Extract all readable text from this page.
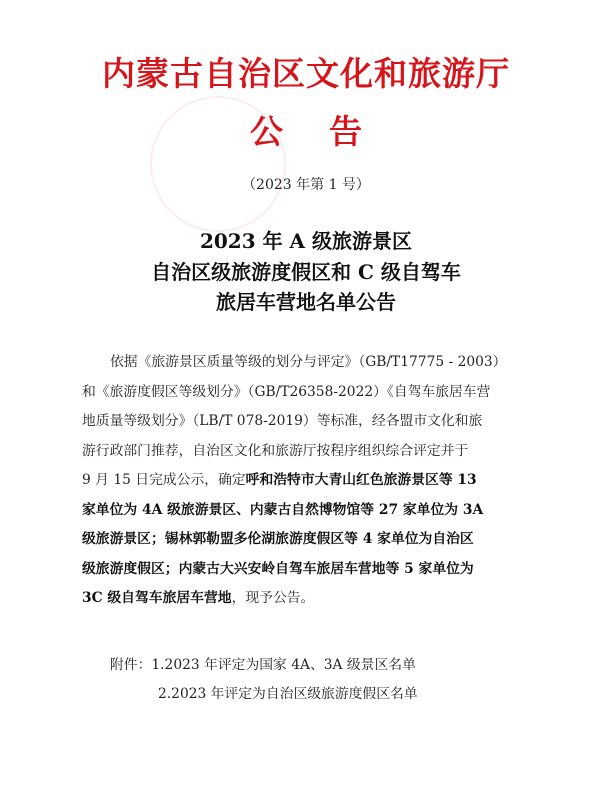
内蒙古自治区文化和旅游厅
公告
（2023 年第 1 号）
2023 年 A 级旅游景区
自治区级旅游度假区和 C 级自驾车
旅居车营地名单公告
依据《旅游景区质量等级的划分与评定》（GB/T17775 - 2003）
和《旅游度假区等级划分》（GB/T26358-2022）《自驾车旅居车营
地质量等级划分》（LB/T 078-2019）等标准，经各盟市文化和旅
游行政部门推荐，自治区文化和旅游厅按程序组织综合评定并于
9 月 15 日完成公示，确定呼和浩特市大青山红色旅游景区等 13
家单位为 4A 级旅游景区、内蒙古自然博物馆等 27 家单位为 3A
级旅游景区；锡林郭勒盟多伦湖旅游度假区等 4 家单位为自治区
级旅游度假区；内蒙古大兴安岭自驾车旅居车营地等 5 家单位为
3C 级自驾车旅居车营地，现予公告。
附件：1.2023 年评定为国家 4A、3A 级景区名单
2.2023 年评定为自治区级旅游度假区名单
